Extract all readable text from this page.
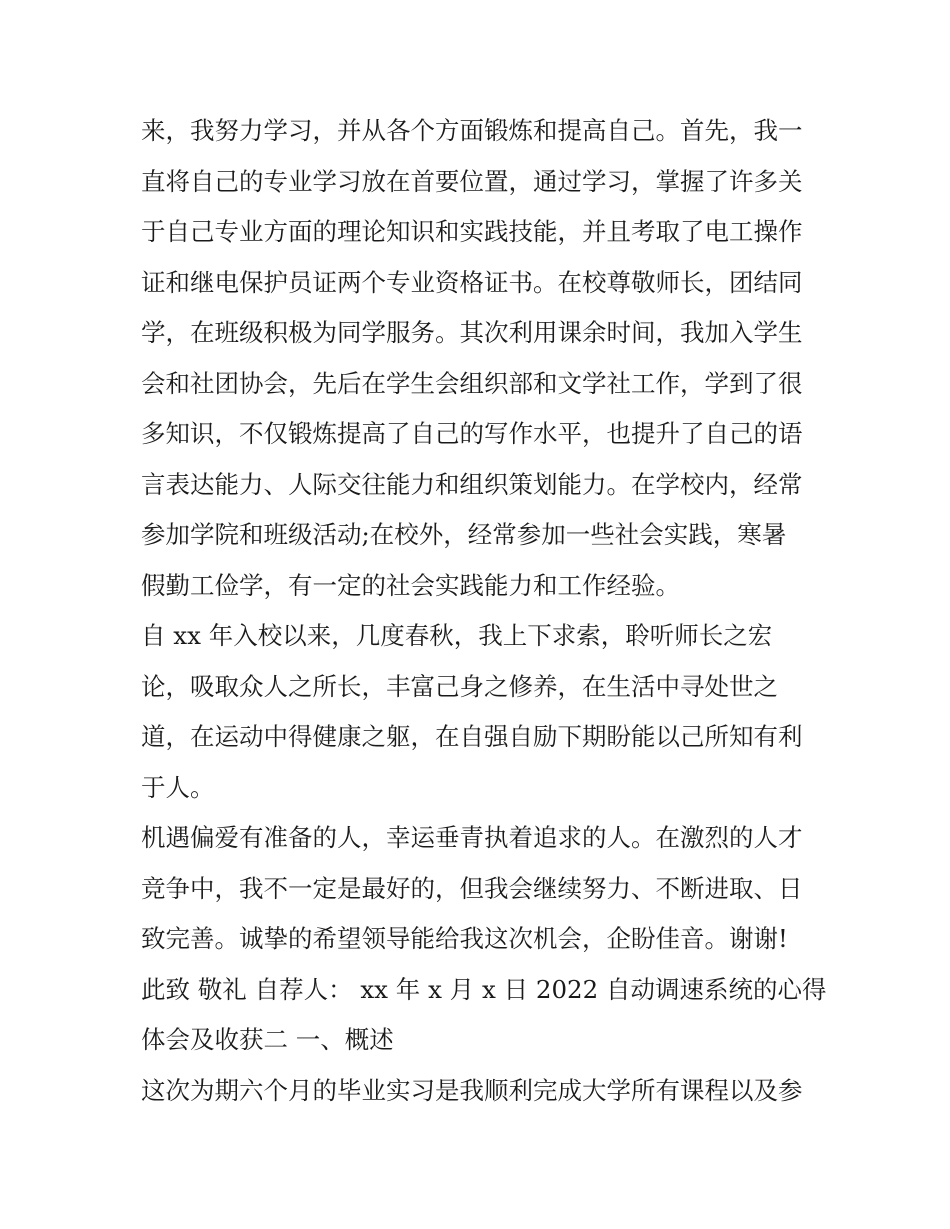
来，我努力学习，并从各个方面锻炼和提高自己。首先，我一
直将自己的专业学习放在首要位置，通过学习，掌握了许多关
于自己专业方面的理论知识和实践技能，并且考取了电工操作
证和继电保护员证两个专业资格证书。在校尊敬师长，团结同
学，在班级积极为同学服务。其次利用课余时间，我加入学生
会和社团协会，先后在学生会组织部和文学社工作，学到了很
多知识，不仅锻炼提高了自己的写作水平，也提升了自己的语
言表达能力、人际交往能力和组织策划能力。在学校内，经常
参加学院和班级活动;在校外，经常参加一些社会实践，寒暑
假勤工俭学，有一定的社会实践能力和工作经验。
自 xx 年入校以来，几度春秋，我上下求索，聆听师长之宏
论，吸取众人之所长，丰富己身之修养，在生活中寻处世之
道，在运动中得健康之躯，在自强自励下期盼能以己所知有利
于人。
机遇偏爱有准备的人，幸运垂青执着追求的人。在激烈的人才
竞争中，我不一定是最好的，但我会继续努力、不断进取、日
致完善。诚挚的希望领导能给我这次机会，企盼佳音。谢谢!
此致 敬礼 自荐人： xx 年 x 月 x 日 2022 自动调速系统的心得
体会及收获二 一、概述
这次为期六个月的毕业实习是我顺利完成大学所有课程以及参
